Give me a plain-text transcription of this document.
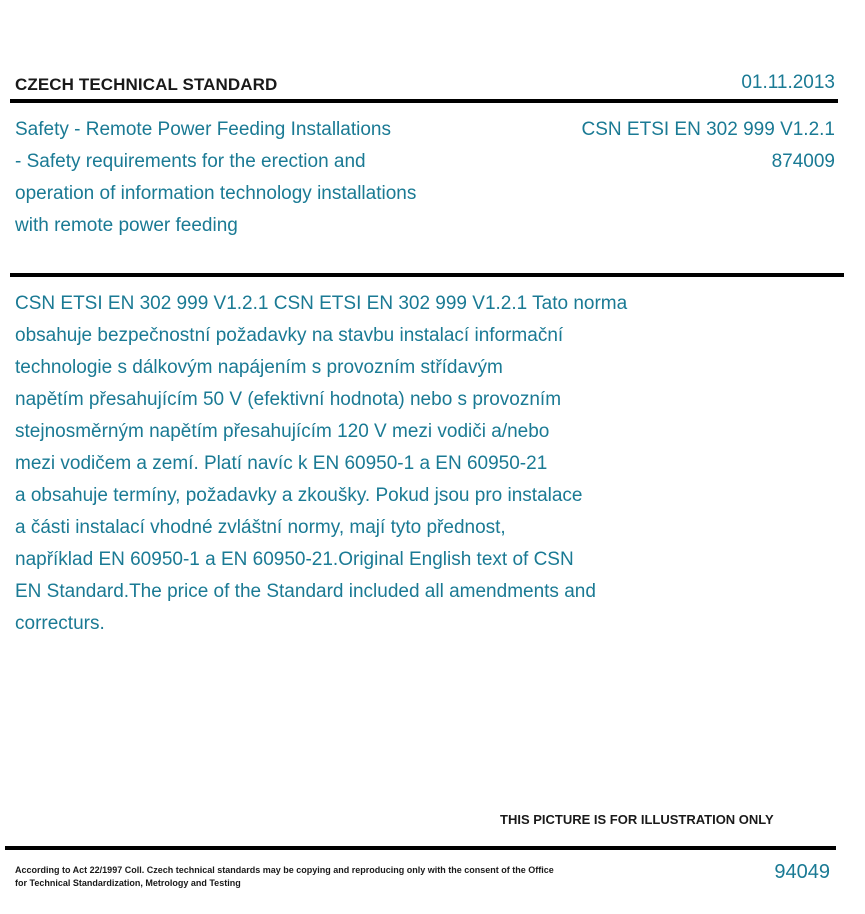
CZECH TECHNICAL STANDARD	01.11.2013
Safety - Remote Power Feeding Installations
- Safety requirements for the erection and
operation of information technology installations
with remote power feeding
CSN ETSI EN 302 999 V1.2.1
874009
CSN ETSI EN 302 999 V1.2.1 CSN ETSI EN 302 999 V1.2.1 Tato norma
obsahuje bezpečnostní požadavky na stavbu instalací informační
technologie s dálkovým napájením s provozním střídavým
napětím přesahujícím 50 V (efektivní hodnota) nebo s provozním
stejnosměrným napětím přesahujícím 120 V mezi vodiči a/nebo
mezi vodičem a zemí. Platí navíc k EN 60950-1 a EN 60950-21
a obsahuje termíny, požadavky a zkoušky. Pokud jsou pro instalace
a části instalací vhodné zvláštní normy, mají tyto přednost,
například EN 60950-1 a EN 60950-21.Original English text of CSN
EN Standard.The price of the Standard included all amendments and
correcturs.
THIS PICTURE IS FOR ILLUSTRATION ONLY
According to Act 22/1997 Coll. Czech technical standards may be copying and reproducing only with the consent of the Office
for Technical Standardization, Metrology and Testing	94049
